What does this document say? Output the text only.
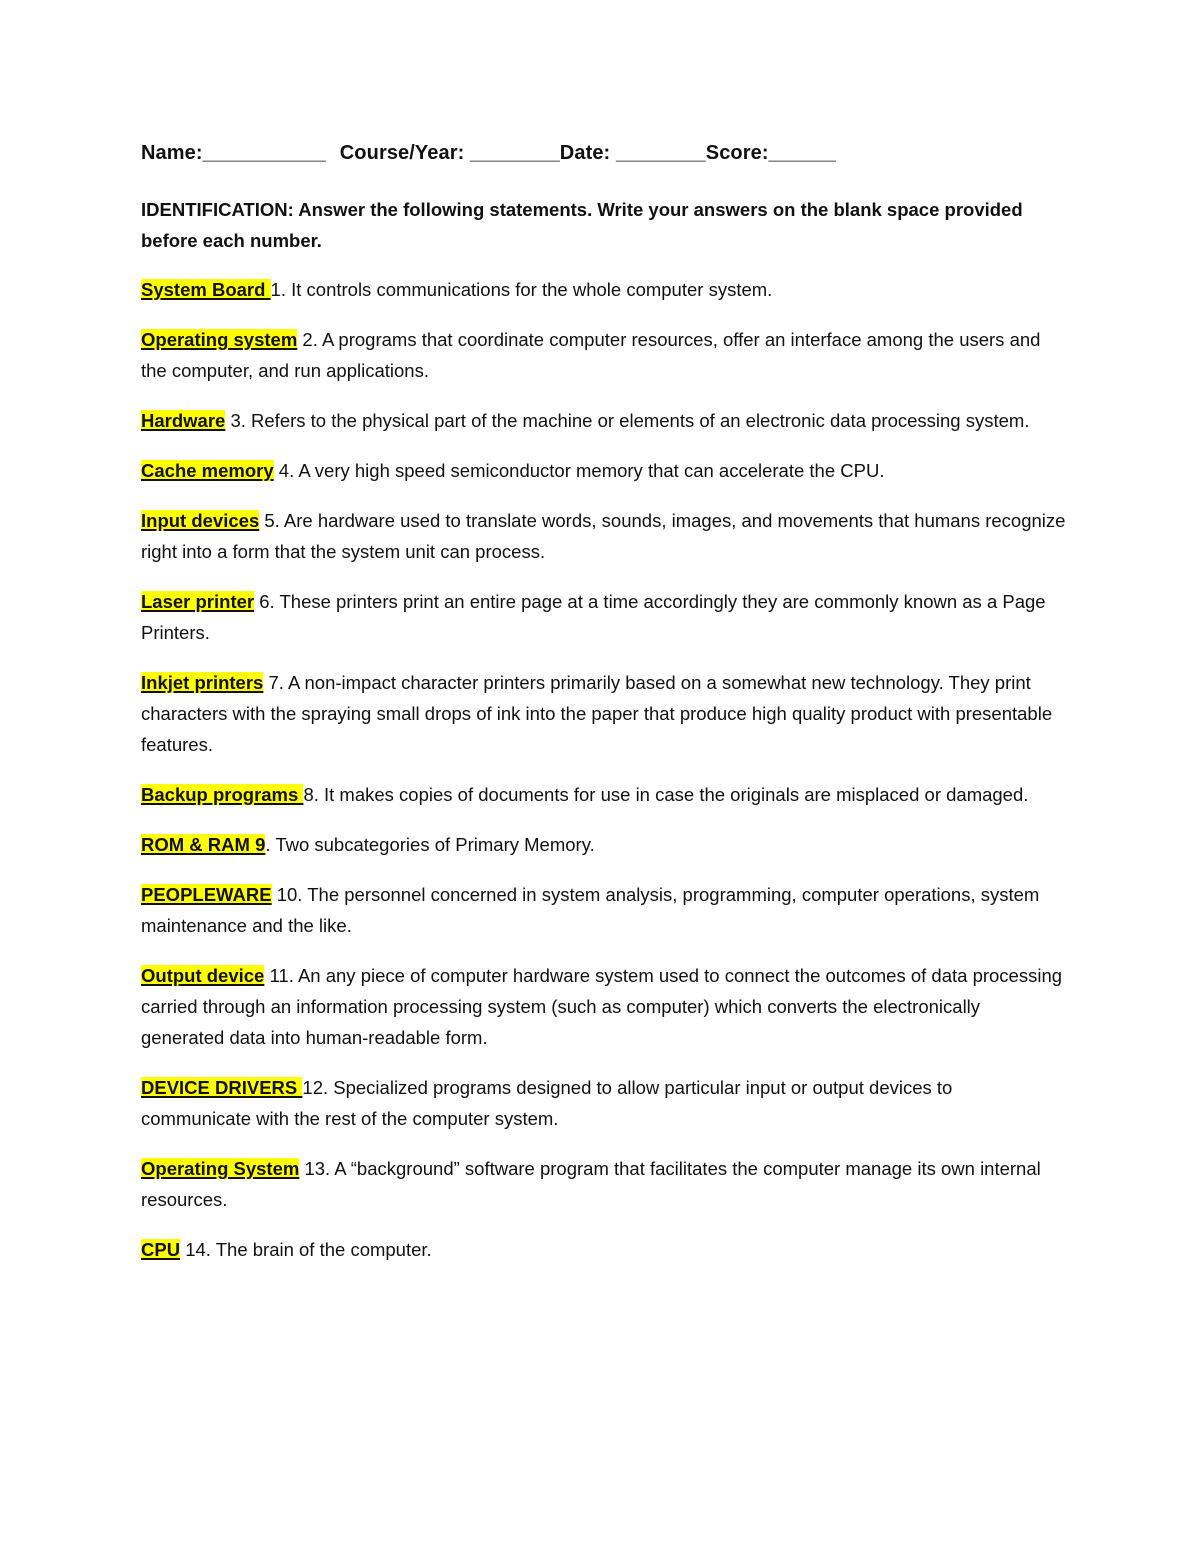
Name:___________ Course/Year: ________Date: ________Score:______
IDENTIFICATION: Answer the following statements. Write your answers on the blank space provided before each number.
System Board 1. It controls communications for the whole computer system.
Operating system 2. A programs that coordinate computer resources, offer an interface among the users and the computer, and run applications.
Hardware 3. Refers to the physical part of the machine or elements of an electronic data processing system.
Cache memory 4. A very high speed semiconductor memory that can accelerate the CPU.
Input devices 5. Are hardware used to translate words, sounds, images, and movements that humans recognize right into a form that the system unit can process.
Laser printer 6. These printers print an entire page at a time accordingly they are commonly known as a Page Printers.
Inkjet printers 7. A non-impact character printers primarily based on a somewhat new technology. They print characters with the spraying small drops of ink into the paper that produce high quality product with presentable features.
Backup programs 8. It makes copies of documents for use in case the originals are misplaced or damaged.
ROM & RAM 9. Two subcategories of Primary Memory.
PEOPLEWARE 10. The personnel concerned in system analysis, programming, computer operations, system maintenance and the like.
Output device 11. An any piece of computer hardware system used to connect the outcomes of data processing carried through an information processing system (such as computer) which converts the electronically generated data into human-readable form.
DEVICE DRIVERS 12. Specialized programs designed to allow particular input or output devices to communicate with the rest of the computer system.
Operating System 13. A “background” software program that facilitates the computer manage its own internal resources.
CPU 14. The brain of the computer.
